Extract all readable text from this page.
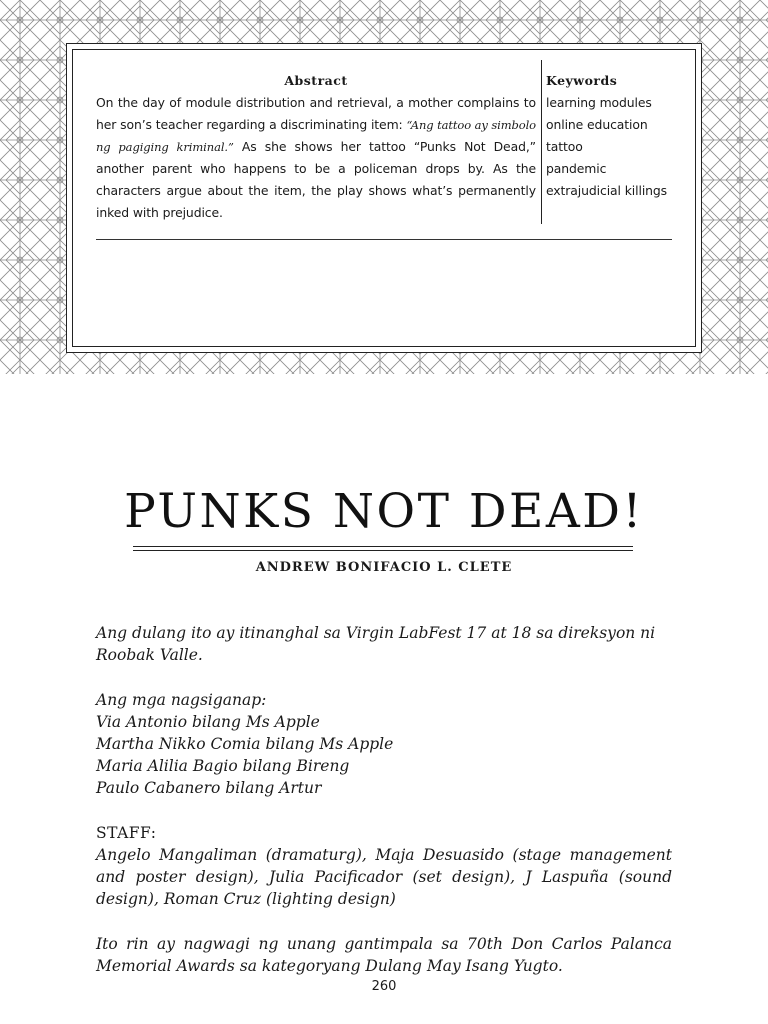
Abstract
On the day of module distribution and retrieval, a mother complains to her son’s teacher regarding a discriminating item: “Ang tattoo ay simbolo ng pagiging kriminal.” As she shows her tattoo “Punks Not Dead,” another parent who happens to be a policeman drops by. As the characters argue about the item, the play shows what’s permanently inked with prejudice.
Keywords
learning modules
online education
tattoo
pandemic
extrajudicial killings
PUNKS NOT DEAD!
ANDREW BONIFACIO L. CLETE

Ang dulang ito ay itinanghal sa Virgin LabFest 17 at 18 sa direksyon ni Roobak Valle.

Ang mga nagsiganap:

Via Antonio bilang Ms Apple

Martha Nikko Comia bilang Ms Apple

Maria Alilia Bagio bilang Bireng

Paulo Cabanero bilang Artur

STAFF:

Angelo Mangaliman (dramaturg), Maja Desuasido (stage management and poster design), Julia Pacificador (set design), J Laspuña (sound design), Roman Cruz (lighting design)

Ito rin ay nagwagi ng unang gantimpala sa 70th Don Carlos Palanca Memorial Awards sa kategoryang Dulang May Isang Yugto.

260
